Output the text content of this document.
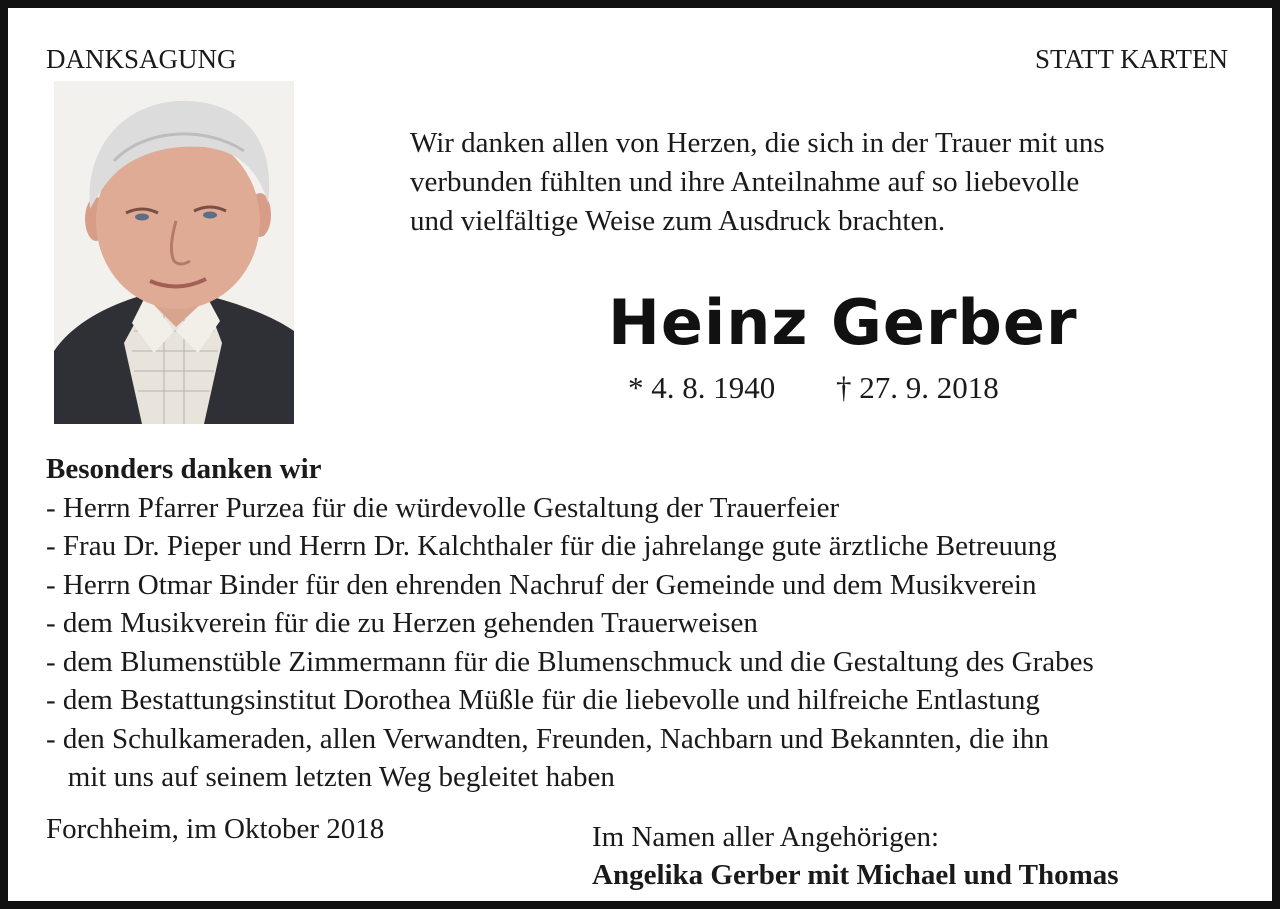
DANKSAGUNG	STATT KARTEN
Wir danken allen von Herzen, die sich in der Trauer mit uns
verbunden fühlten und ihre Anteilnahme auf so liebevolle
und vielfältige Weise zum Ausdruck brachten.
Heinz Gerber
* 4. 8. 1940 † 27. 9. 2018
Besonders danken wir
- Herrn Pfarrer Purzea für die würdevolle Gestaltung der Trauerfeier
- Frau Dr. Pieper und Herrn Dr. Kalchthaler für die jahrelange gute ärztliche Betreuung
- Herrn Otmar Binder für den ehrenden Nachruf der Gemeinde und dem Musikverein
- dem Musikverein für die zu Herzen gehenden Trauerweisen
- dem Blumenstüble Zimmermann für die Blumenschmuck und die Gestaltung des Grabes
- dem Bestattungsinstitut Dorothea Müßle für die liebevolle und hilfreiche Entlastung
- den Schulkameraden, allen Verwandten, Freunden, Nachbarn und Bekannten, die ihn
mit uns auf seinem letzten Weg begleitet haben
Forchheim, im Oktober 2018	Im Namen aller Angehörigen:
Angelika Gerber mit Michael und Thomas
